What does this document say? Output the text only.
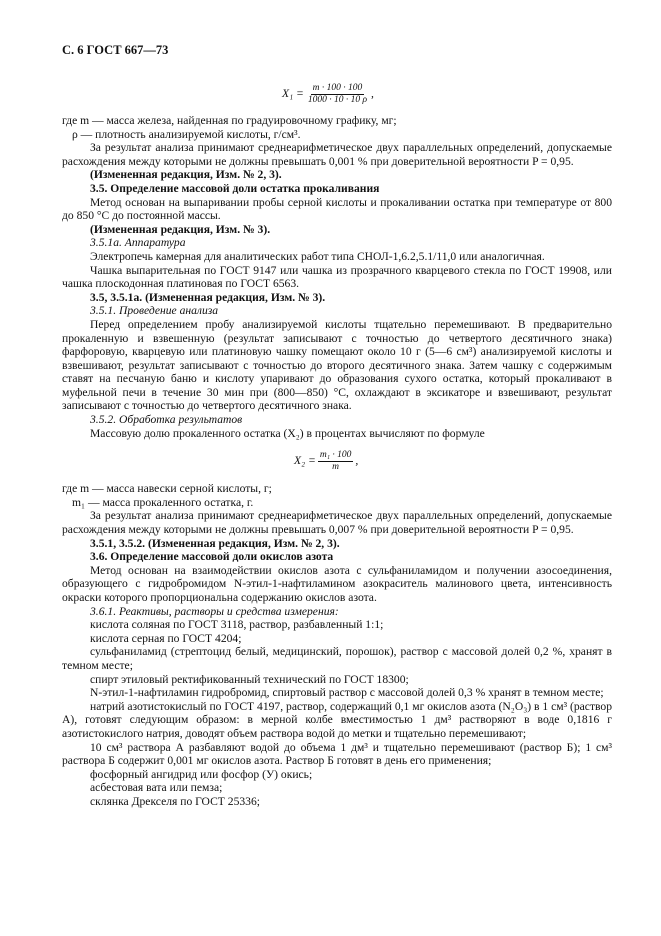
С. 6 ГОСТ 667—73
$X_1 = \frac{m \cdot 100 \cdot 100}{1000 \cdot 10 \cdot 10 \rho}$ ,

где m — масса железа, найденная по градуировочному графику, мг;

ρ — плотность анализируемой кислоты, г/см³.

За результат анализа принимают среднеарифметическое двух параллельных определений, допускаемые расхождения между которыми не должны превышать 0,001 % при доверительной вероятности P = 0,95.

(Измененная редакция, Изм. № 2, 3).

3.5. Определение массовой доли остатка прокаливания

Метод основан на выпаривании пробы серной кислоты и прокаливании остатка при температуре от 800 до 850 °С до постоянной массы.

(Измененная редакция, Изм. № 3).

3.5.1а. Аппаратура

Электропечь камерная для аналитических работ типа СНОЛ-1,6.2,5.1/11,0 или аналогичная.

Чашка выпарительная по ГОСТ 9147 или чашка из прозрачного кварцевого стекла по ГОСТ 19908, или чашка плоскодонная платиновая по ГОСТ 6563.

3.5, 3.5.1а. (Измененная редакция, Изм. № 3).

3.5.1. Проведение анализа

Перед определением пробу анализируемой кислоты тщательно перемешивают. В предварительно прокаленную и взвешенную (результат записывают с точностью до четвертого десятичного знака) фарфоровую, кварцевую или платиновую чашку помещают около 10 г (5—6 см³) анализируемой кислоты и взвешивают, результат записывают с точностью до второго десятичного знака. Затем чашку с содержимым ставят на песчаную баню и кислоту упаривают до образования сухого остатка, который прокаливают в муфельной печи в течение 30 мин при (800—850) °С, охлаждают в эксикаторе и взвешивают, результат записывают с точностью до четвертого десятичного знака.

3.5.2. Обработка результатов

Массовую долю прокаленного остатка (X₂) в процентах вычисляют по формуле

$X_2 = \frac{\text{m₁ · 100}}{m}$ ,

где m — масса навески серной кислоты, г;

m₁ — масса прокаленного остатка, г.

За результат анализа принимают среднеарифметическое двух параллельных определений, допускаемые расхождения между которыми не должны превышать 0,007 % при доверительной вероятности P = 0,95.

3.5.1, 3.5.2. (Измененная редакция, Изм. № 2, 3).

3.6. Определение массовой доли окислов азота

Метод основан на взаимодействии окислов азота с сульфаниламидом и получении азосоединения, образующего с гидробромидом N-этил-1-нафтиламином азокраситель малинового цвета, интенсивность окраски которого пропорциональна содержанию окислов азота.

3.6.1. Реактивы, растворы и средства измерения:

кислота соляная по ГОСТ 3118, раствор, разбавленный 1:1;

кислота серная по ГОСТ 4204;

сульфаниламид (стрептоцид белый, медицинский, порошок), раствор с массовой долей 0,2 %, хранят в темном месте;

спирт этиловый ректификованный технический по ГОСТ 18300;

N-этил-1-нафтиламин гидробромид, спиртовый раствор с массовой долей 0,3 % хранят в темном месте;

натрий азотистокислый по ГОСТ 4197, раствор, содержащий 0,1 мг окислов азота (N₂O₃) в 1 см³ (раствор А), готовят следующим образом: в мерной колбе вместимостью 1 дм³ растворяют в воде 0,1816 г азотистокислого натрия, доводят объем раствора водой до метки и тщательно перемешивают;

10 см³ раствора А разбавляют водой до объема 1 дм³ и тщательно перемешивают (раствор Б); 1 см³ раствора Б содержит 0,001 мг окислов азота. Раствор Б готовят в день его применения;

фосфорный ангидрид или фосфор (У) окись;

асбестовая вата или пемза;

склянка Дрекселя по ГОСТ 25336;
